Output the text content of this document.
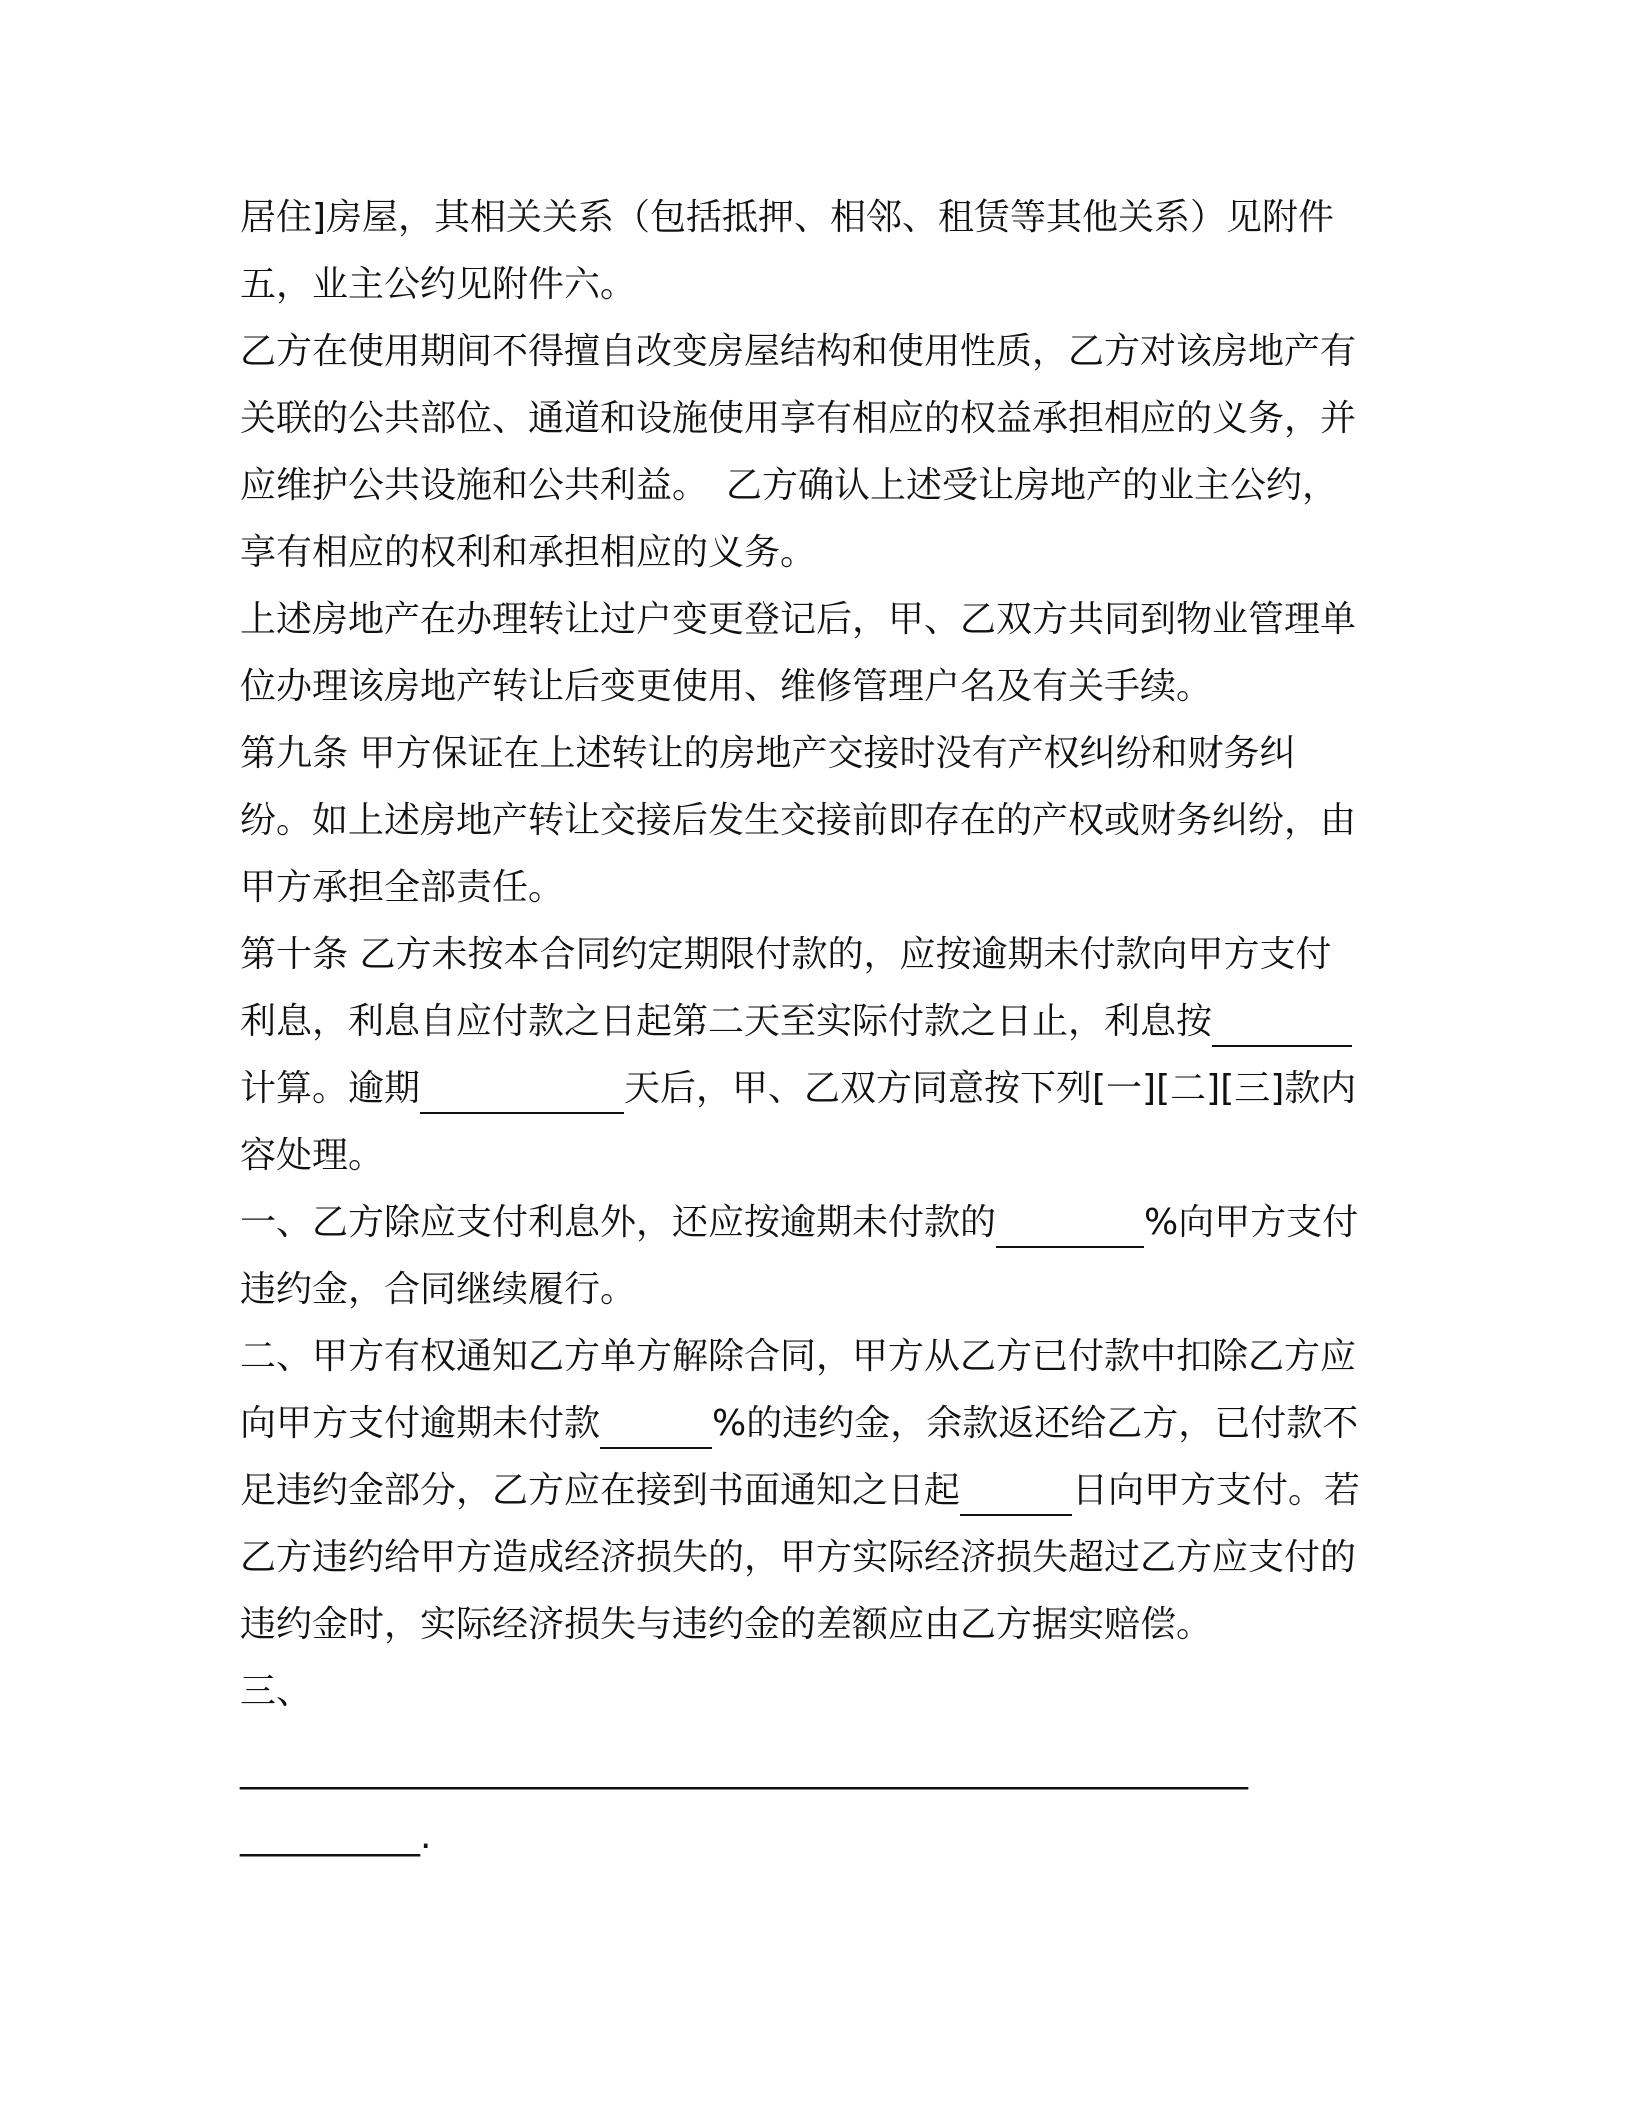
居住]房屋，其相关关系（包括抵押、相邻、租赁等其他关系）见附件
五，业主公约见附件六。
乙方在使用期间不得擅自改变房屋结构和使用性质，乙方对该房地产有
关联的公共部位、通道和设施使用享有相应的权益承担相应的义务，并
应维护公共设施和公共利益。　乙方确认上述受让房地产的业主公约，
享有相应的权利和承担相应的义务。
上述房地产在办理转让过户变更登记后，甲、乙双方共同到物业管理单
位办理该房地产转让后变更使用、维修管理户名及有关手续。
第九条 甲方保证在上述转让的房地产交接时没有产权纠纷和财务纠
纷。如上述房地产转让交接后发生交接前即存在的产权或财务纠纷，由
甲方承担全部责任。
第十条 乙方未按本合同约定期限付款的，应按逾期未付款向甲方支付
利息，利息自应付款之日起第二天至实际付款之日止，利息按
计算。逾期	天后，甲、乙双方同意按下列[一][二][三]款内
容处理。
一、乙方除应支付利息外，还应按逾期未付款的	%向甲方支付
违约金，合同继续履行。
二、甲方有权通知乙方单方解除合同，甲方从乙方已付款中扣除乙方应
向甲方支付逾期未付款	%的违约金，余款返还给乙方，已付款不
足违约金部分，乙方应在接到书面通知之日起	日向甲方支付。若
乙方违约给甲方造成经济损失的，甲方实际经济损失超过乙方应支付的
违约金时，实际经济损失与违约金的差额应由乙方据实赔偿。
三、
________________________________________________________
__________.
